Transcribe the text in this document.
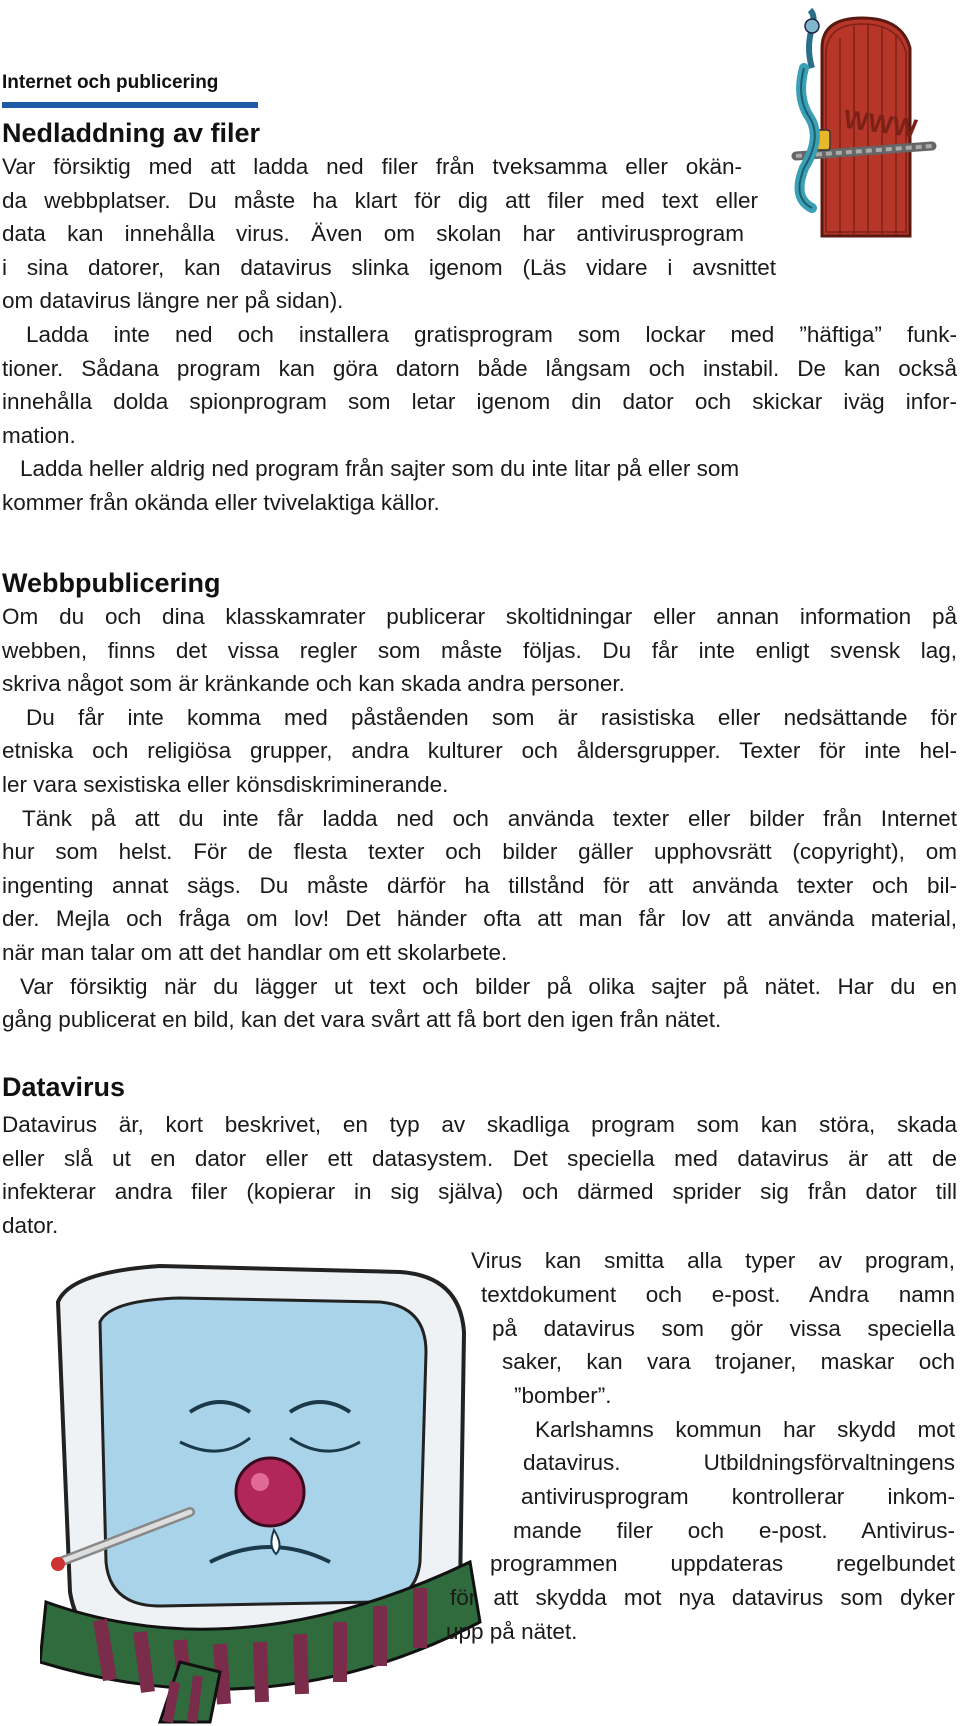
Internet och publicering
WWW
Nedladdning av filer
Var försiktig med att ladda ned filer från tveksamma eller okän-
da webbplatser. Du måste ha klart för dig att filer med text eller
data kan innehålla virus. Även om skolan har antivirusprogram
i sina datorer, kan datavirus slinka igenom (Läs vidare i avsnittet
om datavirus längre ner på sidan).
Ladda inte ned och installera gratisprogram som lockar med ”häftiga” funk-
tioner. Sådana program kan göra datorn både långsam och instabil. De kan också
innehålla dolda spionprogram som letar igenom din dator och skickar iväg infor-
mation.
Ladda heller aldrig ned program från sajter som du inte litar på eller som
kommer från okända eller tvivelaktiga källor.
Webbpublicering
Om du och dina klasskamrater publicerar skoltidningar eller annan information på
webben, finns det vissa regler som måste följas. Du får inte enligt svensk lag,
skriva något som är kränkande och kan skada andra personer.
Du får inte komma med påståenden som är rasistiska eller nedsättande för
etniska och religiösa grupper, andra kulturer och åldersgrupper. Texter för inte hel-
ler vara sexistiska eller könsdiskriminerande.
Tänk på att du inte får ladda ned och använda texter eller bilder från Internet
hur som helst. För de flesta texter och bilder gäller upphovsrätt (copyright), om
ingenting annat sägs. Du måste därför ha tillstånd för att använda texter och bil-
der. Mejla och fråga om lov! Det händer ofta att man får lov att använda material,
när man talar om att det handlar om ett skolarbete.
Var försiktig när du lägger ut text och bilder på olika sajter på nätet. Har du en
gång publicerat en bild, kan det vara svårt att få bort den igen från nätet.
Datavirus
Datavirus är, kort beskrivet, en typ av skadliga program som kan störa, skada
eller slå ut en dator eller ett datasystem. Det speciella med datavirus är att de
infekterar andra filer (kopierar in sig själva) och därmed sprider sig från dator till
dator.
Virus kan smitta alla typer av program,
textdokument och e-post. Andra namn
på datavirus som gör vissa speciella
saker, kan vara trojaner, maskar och
”bomber”.
Karlshamns kommun har skydd mot
datavirus. Utbildningsförvaltningens
antivirusprogram kontrollerar inkom-
mande filer och e-post. Antivirus-
programmen uppdateras regelbundet
för att skydda mot nya datavirus som dyker
upp på nätet.
